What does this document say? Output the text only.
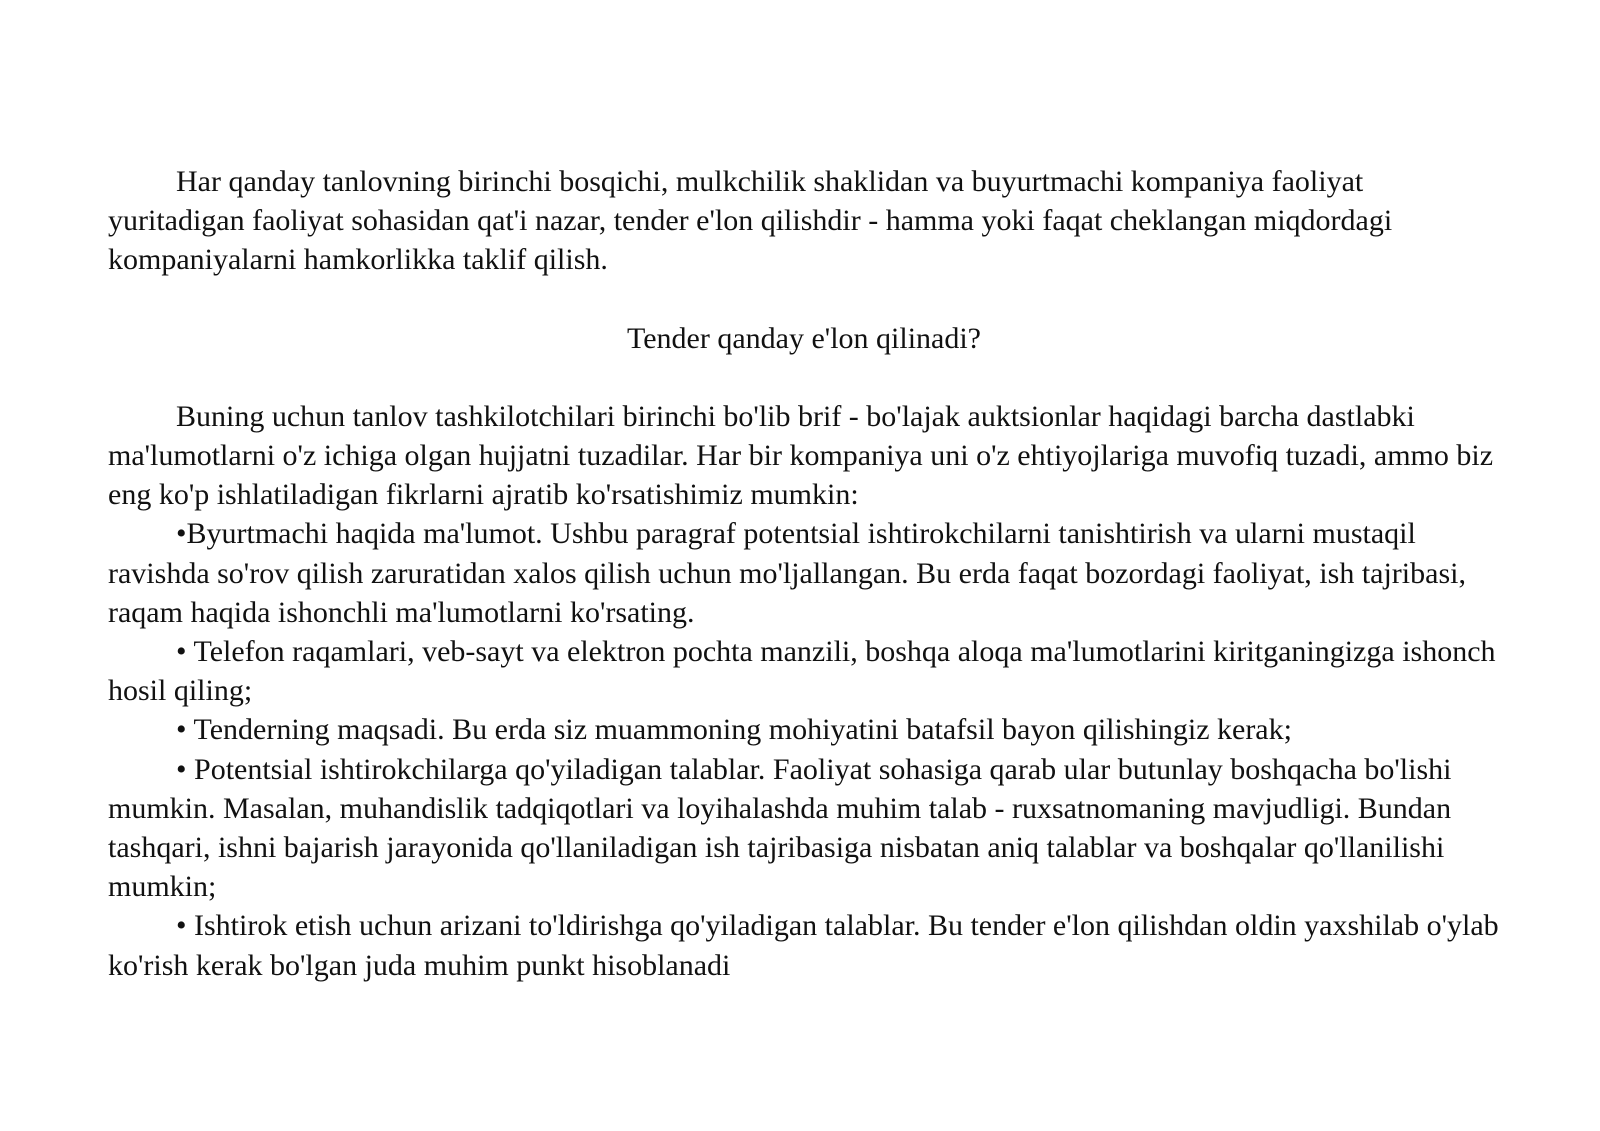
Har qanday tanlovning birinchi bosqichi, mulkchilik shaklidan va buyurtmachi kompaniya faoliyat yuritadigan faoliyat sohasidan qat'i nazar, tender e'lon qilishdir - hamma yoki faqat cheklangan miqdordagi kompaniyalarni hamkorlikka taklif qilish.

Tender qanday e'lon qilinadi?

Buning uchun tanlov tashkilotchilari birinchi bo'lib brif - bo'lajak auktsionlar haqidagi barcha dastlabki ma'lumotlarni o'z ichiga olgan hujjatni tuzadilar. Har bir kompaniya uni o'z ehtiyojlariga muvofiq tuzadi, ammo biz eng ko'p ishlatiladigan fikrlarni ajratib ko'rsatishimiz mumkin:

•Byurtmachi haqida ma'lumot. Ushbu paragraf potentsial ishtirokchilarni tanishtirish va ularni mustaqil ravishda so'rov qilish zaruratidan xalos qilish uchun mo'ljallangan. Bu erda faqat bozordagi faoliyat, ish tajribasi, raqam haqida ishonchli ma'lumotlarni ko'rsating.

• Telefon raqamlari, veb-sayt va elektron pochta manzili, boshqa aloqa ma'lumotlarini kiritganingizga ishonch hosil qiling;

• Tenderning maqsadi. Bu erda siz muammoning mohiyatini batafsil bayon qilishingiz kerak;

• Potentsial ishtirokchilarga qo'yiladigan talablar. Faoliyat sohasiga qarab ular butunlay boshqacha bo'lishi mumkin. Masalan, muhandislik tadqiqotlari va loyihalashda muhim talab - ruxsatnomaning mavjudligi. Bundan tashqari, ishni bajarish jarayonida qo'llaniladigan ish tajribasiga nisbatan aniq talablar va boshqalar qo'llanilishi mumkin;

• Ishtirok etish uchun arizani to'ldirishga qo'yiladigan talablar. Bu tender e'lon qilishdan oldin yaxshilab o'ylab ko'rish kerak bo'lgan juda muhim punkt hisoblanadi
